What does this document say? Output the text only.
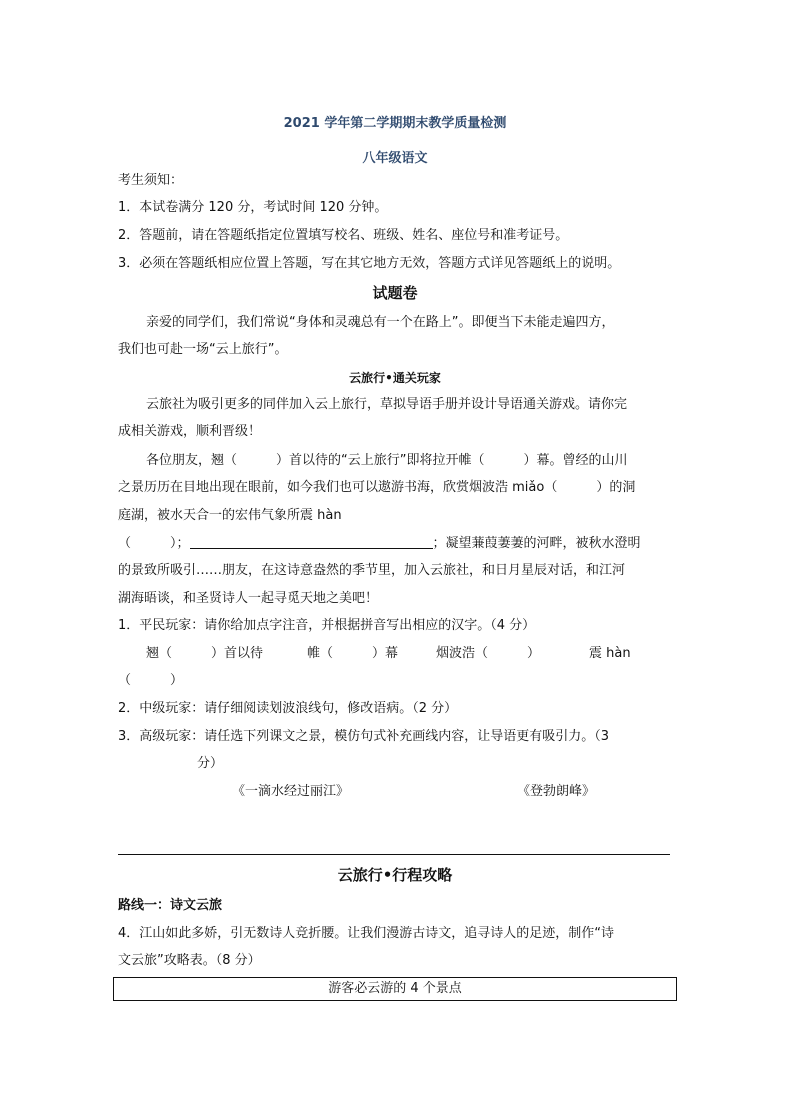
2021 学年第二学期期末教学质量检测
八年级语文
考生须知：
1．本试卷满分 120 分，考试时间 120 分钟。
2．答题前，请在答题纸指定位置填写校名、班级、姓名、座位号和准考证号。
3．必须在答题纸相应位置上答题，写在其它地方无效，答题方式详见答题纸上的说明。
试题卷
亲爱的同学们，我们常说“身体和灵魂总有一个在路上”。即便当下未能走遍四方，
我们也可赴一场“云上旅行”。
云旅行•通关玩家
云旅社为吸引更多的同伴加入云上旅行，草拟导语手册并设计导语通关游戏。请你完
成相关游戏，顺利晋级！
各位朋友，翘（　　　）首以待的“云上旅行”即将拉开帷（　　　）幕。曾经的山川
之景历历在目地出现在眼前，如今我们也可以遨游书海，欣赏烟波浩 miǎo（　　　）的洞
庭湖，被水天合一的宏伟气象所震 hàn
（　　　）；	；凝望蒹葭萋萋的河畔，被秋水澄明
的景致所吸引……朋友，在这诗意盎然的季节里，加入云旅社，和日月星辰对话，和江河
湖海晤谈，和圣贤诗人一起寻觅天地之美吧！
1．平民玩家：请你给加点字注音，并根据拼音写出相应的汉字。（4 分）
翘（　　　）首以待	帷（　　　）幕	烟波浩（　　　）	震 hàn
（　　　）
2．中级玩家：请仔细阅读划波浪线句，修改语病。（2 分）
3．高级玩家：请任选下列课文之景，模仿句式补充画线内容，让导语更有吸引力。（3
分）
《一滴水经过丽江》	《登勃朗峰》
云旅行•行程攻略
路线一：诗文云旅
4．江山如此多娇，引无数诗人竞折腰。让我们漫游古诗文，追寻诗人的足迹，制作“诗
文云旅”攻略表。（8 分）
游客必云游的 4 个景点
